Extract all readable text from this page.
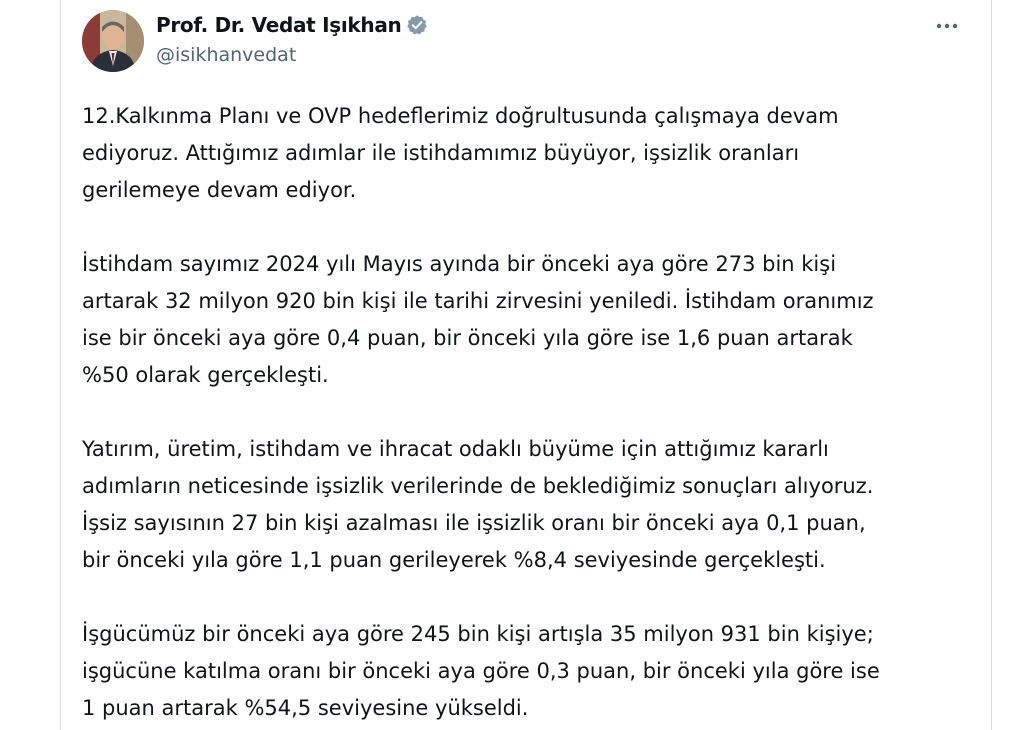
Prof. Dr. Vedat Işıkhan
@isikhanvedat

12.Kalkınma Planı ve OVP hedeflerimiz doğrultusunda çalışmaya devam
ediyoruz. Attığımız adımlar ile istihdamımız büyüyor, işsizlik oranları
gerilemeye devam ediyor.

İstihdam sayımız 2024 yılı Mayıs ayında bir önceki aya göre 273 bin kişi
artarak 32 milyon 920 bin kişi ile tarihi zirvesini yeniledi. İstihdam oranımız
ise bir önceki aya göre 0,4 puan, bir önceki yıla göre ise 1,6 puan artarak
%50 olarak gerçekleşti.

Yatırım, üretim, istihdam ve ihracat odaklı büyüme için attığımız kararlı
adımların neticesinde işsizlik verilerinde de beklediğimiz sonuçları alıyoruz.
İşsiz sayısının 27 bin kişi azalması ile işsizlik oranı bir önceki aya 0,1 puan,
bir önceki yıla göre 1,1 puan gerileyerek %8,4 seviyesinde gerçekleşti.

İşgücümüz bir önceki aya göre 245 bin kişi artışla 35 milyon 931 bin kişiye;
işgücüne katılma oranı bir önceki aya göre 0,3 puan, bir önceki yıla göre ise
1 puan artarak %54,5 seviyesine yükseldi.
